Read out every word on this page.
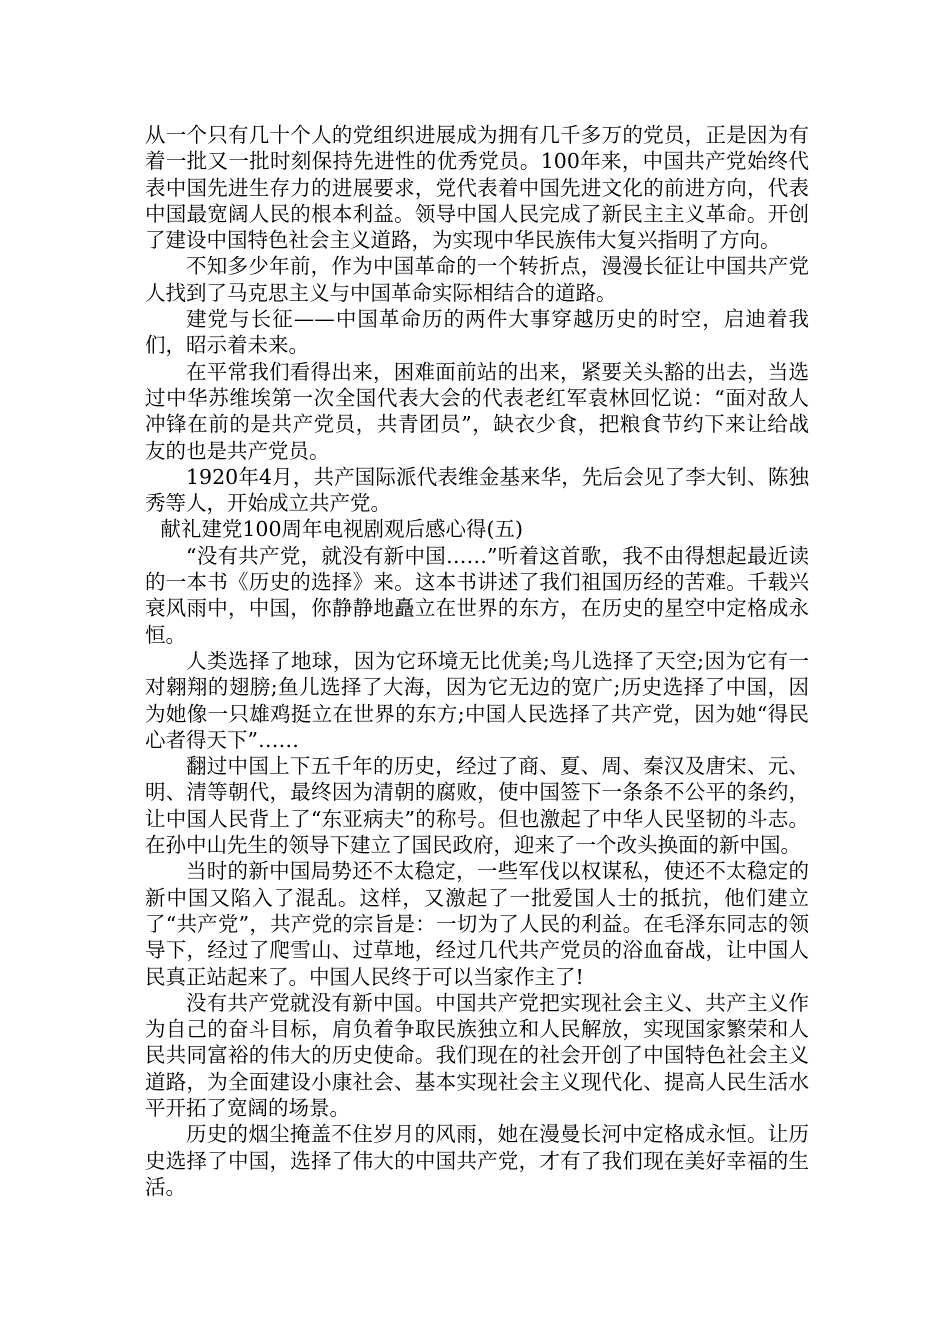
从一个只有几十个人的党组织进展成为拥有几千多万的党员，正是因为有着一批又一批时刻保持先进性的优秀党员。100年来，中国共产党始终代表中国先进生存力的进展要求，党代表着中国先进文化的前进方向，代表中国最宽阔人民的根本利益。领导中国人民完成了新民主主义革命。开创了建设中国特色社会主义道路，为实现中华民族伟大复兴指明了方向。

不知多少年前，作为中国革命的一个转折点，漫漫长征让中国共产党人找到了马克思主义与中国革命实际相结合的道路。

建党与长征——中国革命历的两件大事穿越历史的时空，启迪着我们，昭示着未来。

在平常我们看得出来，困难面前站的出来，紧要关头豁的出去，当选过中华苏维埃第一次全国代表大会的代表老红军袁林回忆说：“面对敌人冲锋在前的是共产党员，共青团员”，缺衣少食，把粮食节约下来让给战友的也是共产党员。

1920年4月，共产国际派代表维金基来华，先后会见了李大钊、陈独秀等人，开始成立共产党。

献礼建党100周年电视剧观后感心得(五)

“没有共产党，就没有新中国……”听着这首歌，我不由得想起最近读的一本书《历史的选择》来。这本书讲述了我们祖国历经的苦难。千载兴衰风雨中，中国，你静静地矗立在世界的东方，在历史的星空中定格成永恒。

人类选择了地球，因为它环境无比优美;鸟儿选择了天空;因为它有一对翱翔的翅膀;鱼儿选择了大海，因为它无边的宽广;历史选择了中国，因为她像一只雄鸡挺立在世界的东方;中国人民选择了共产党，因为她“得民心者得天下”……

翻过中国上下五千年的历史，经过了商、夏、周、秦汉及唐宋、元、明、清等朝代，最终因为清朝的腐败，使中国签下一条条不公平的条约，让中国人民背上了“东亚病夫”的称号。但也激起了中华人民坚韧的斗志。在孙中山先生的领导下建立了国民政府，迎来了一个改头换面的新中国。

当时的新中国局势还不太稳定，一些军伐以权谋私，使还不太稳定的新中国又陷入了混乱。这样，又激起了一批爱国人士的抵抗，他们建立了“共产党”，共产党的宗旨是：一切为了人民的利益。在毛泽东同志的领导下，经过了爬雪山、过草地，经过几代共产党员的浴血奋战，让中国人民真正站起来了。中国人民终于可以当家作主了!

没有共产党就没有新中国。中国共产党把实现社会主义、共产主义作为自己的奋斗目标，肩负着争取民族独立和人民解放，实现国家繁荣和人民共同富裕的伟大的历史使命。我们现在的社会开创了中国特色社会主义道路，为全面建设小康社会、基本实现社会主义现代化、提高人民生活水平开拓了宽阔的场景。

历史的烟尘掩盖不住岁月的风雨，她在漫曼长河中定格成永恒。让历史选择了中国，选择了伟大的中国共产党，才有了我们现在美好幸福的生活。
